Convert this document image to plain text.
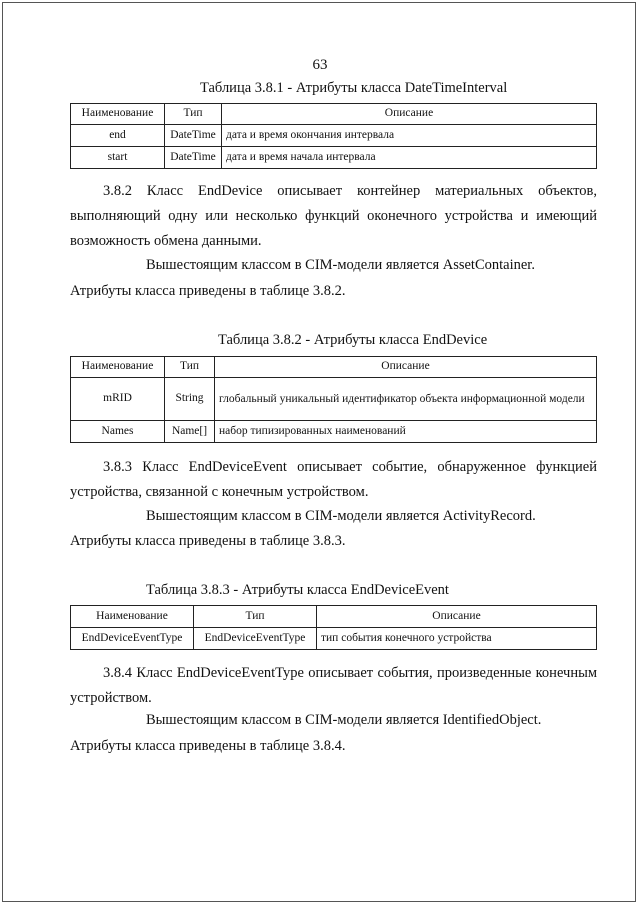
63
Таблица 3.8.1 - Атрибуты класса DateTimeInterval
Наименование	Тип	Описание
end	DateTime	дата и время окончания интервала
start	DateTime	дата и время начала интервала
3.8.2 Класс EndDevice описывает контейнер материальных объектов, выполняющий одну или несколько функций оконечного устройства и имеющий возможность обмена данными.
Вышестоящим классом в CIM-модели является AssetContainer.
Атрибуты класса приведены в таблице 3.8.2.
Таблица 3.8.2 - Атрибуты класса EndDevice
Наименование	Тип	Описание
mRID	String	глобальный уникальный идентификатор объекта информационной модели
Names	Name[]	набор типизированных наименований
3.8.3 Класс EndDeviceEvent описывает событие, обнаруженное функцией устройства, связанной с конечным устройством.
Вышестоящим классом в CIM-модели является ActivityRecord.
Атрибуты класса приведены в таблице 3.8.3.
Таблица 3.8.3 - Атрибуты класса EndDeviceEvent
Наименование	Тип	Описание
EndDeviceEventType	EndDeviceEventType	тип события конечного устройства
3.8.4 Класс EndDeviceEventType описывает события, произведенные конечным устройством.
Вышестоящим классом в CIM-модели является IdentifiedObject.
Атрибуты класса приведены в таблице 3.8.4.
